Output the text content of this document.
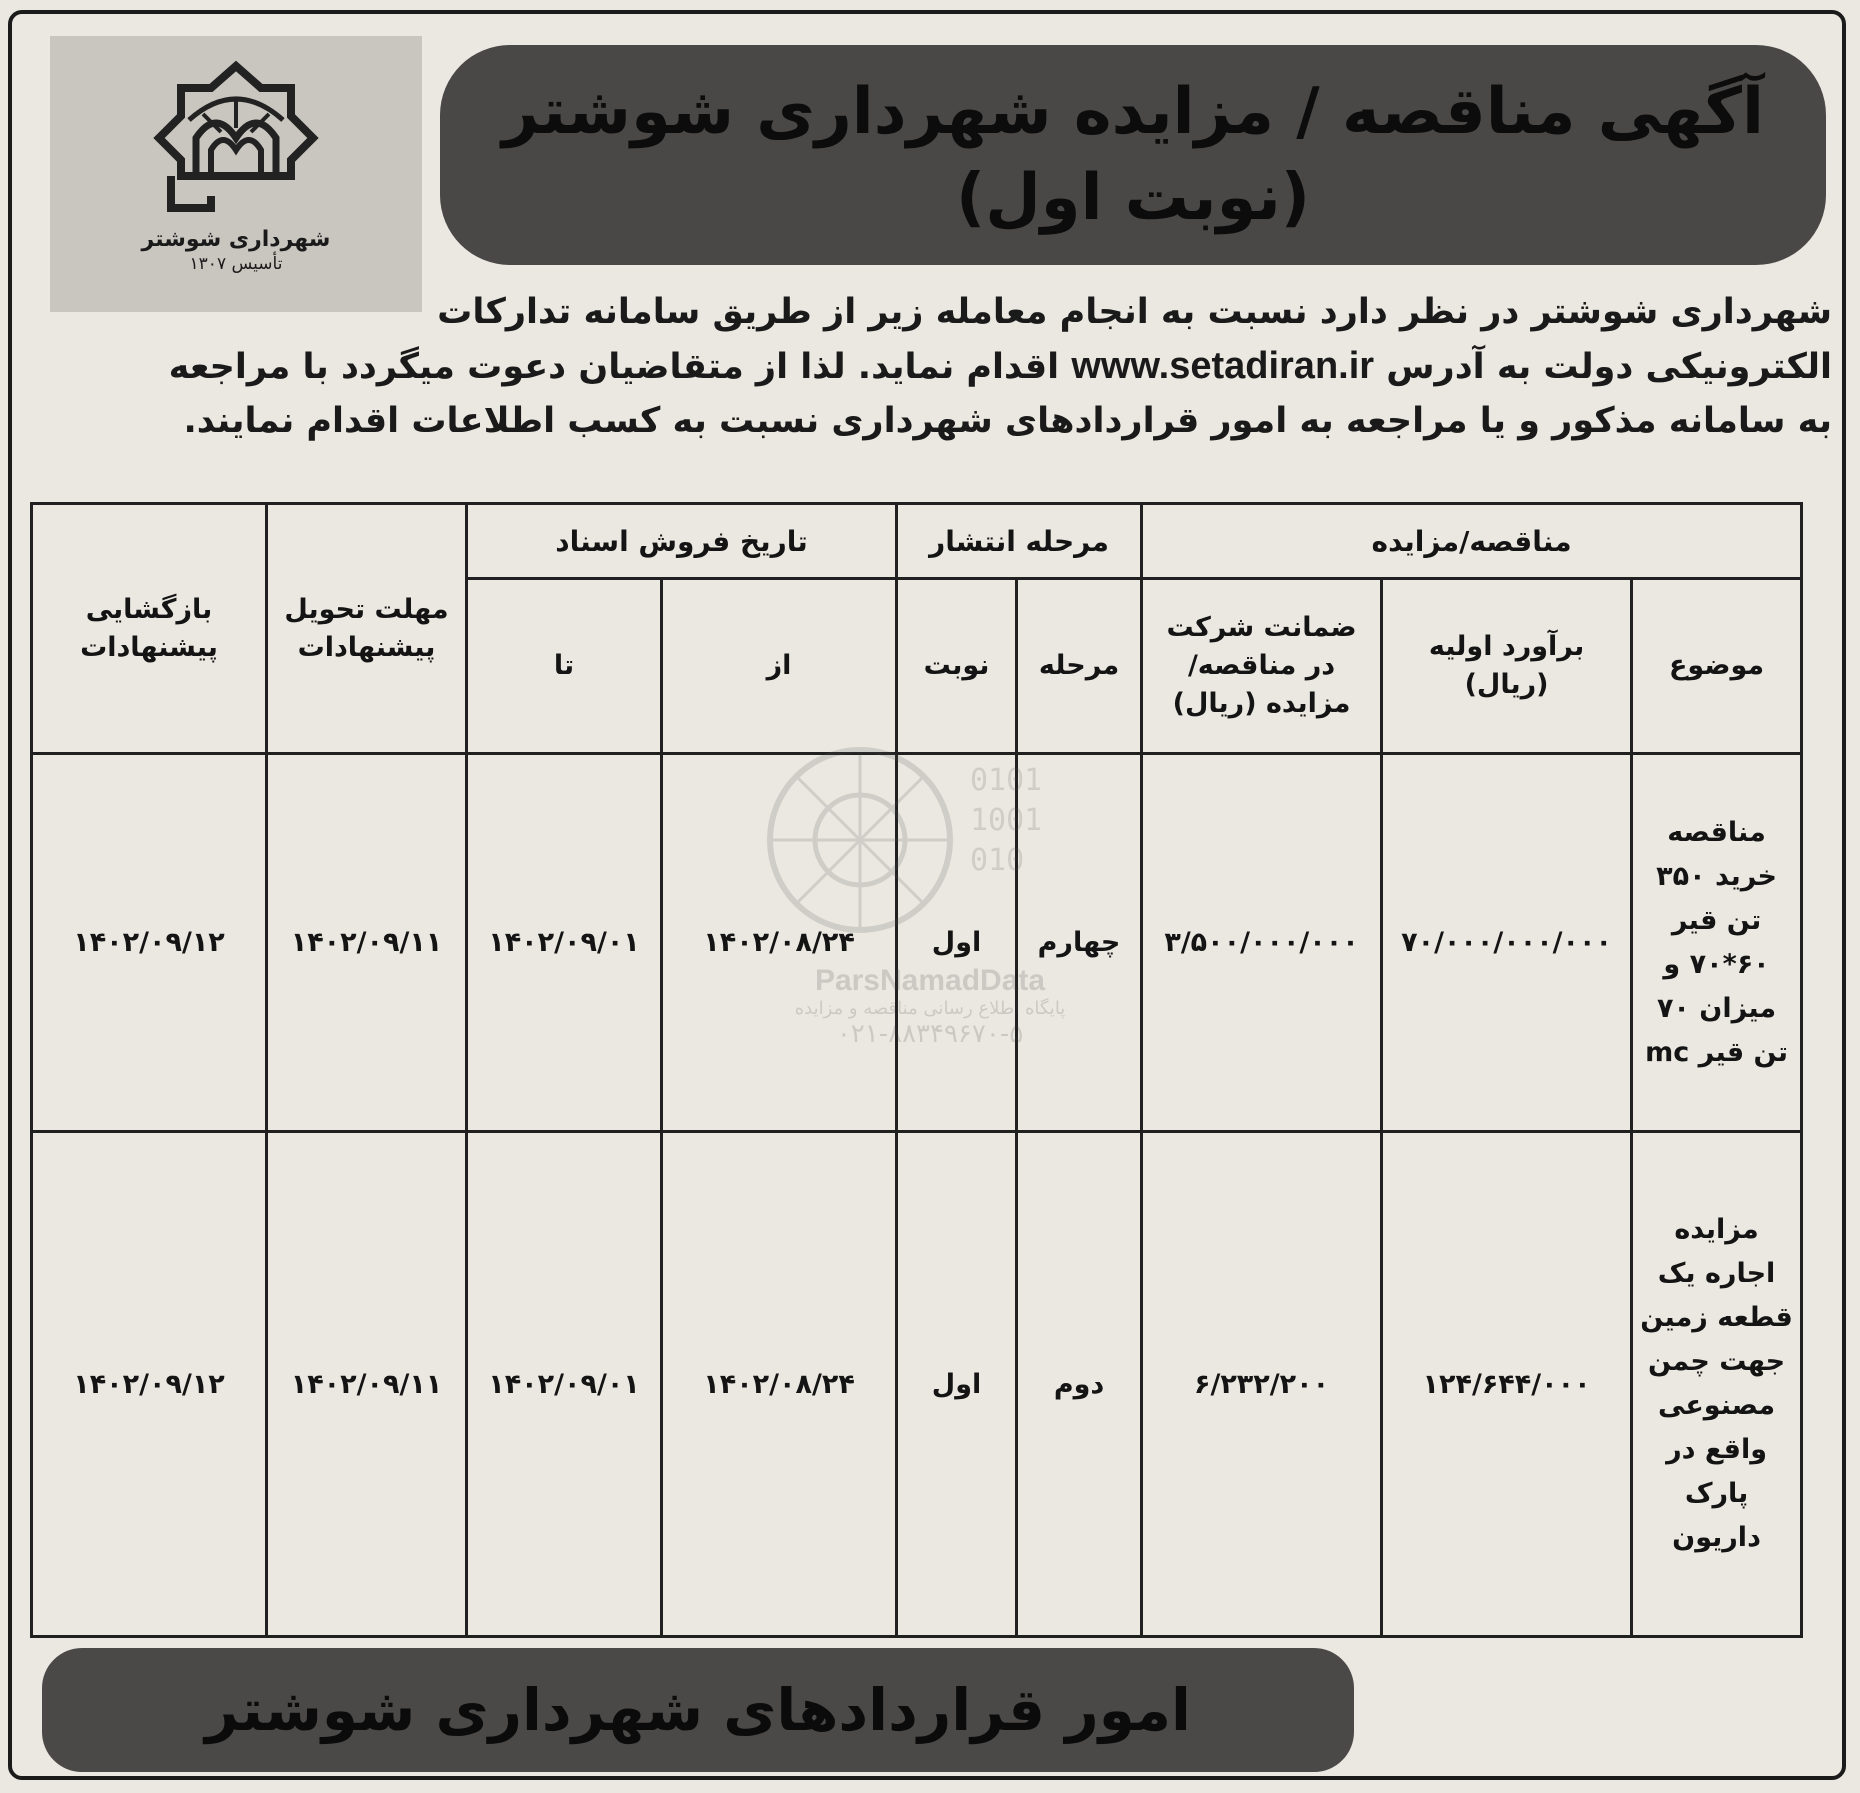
شهرداری شوشتر
تأسیس ۱۳۰۷
آگهی مناقصه / مزایده شهرداری شوشتر
(نوبت اول)

شهرداری شوشتر در نظر دارد نسبت به انجام معامله زیر از طریق سامانه تدارکات
الکترونیکی دولت به آدرس www.setadiran.ir اقدام نماید. لذا از متقاضیان دعوت میگردد با مراجعه
به سامانه مذکور و یا مراجعه به امور قراردادهای شهرداری نسبت به کسب اطلاعات اقدام نمایند.

مناقصه/مزایده			مرحله انتشار		تاریخ فروش اسناد		مهلت تحویل پیشنهادات	بازگشایی پیشنهادات
موضوع	برآورد اولیه (ریال)	ضمانت شرکت در مناقصه/ مزایده (ریال)	مرحله	نوبت	از	تا		
مناقصه خرید ۳۵۰ تن قیر ۶۰*۷۰ و میزان ۷۰ تن قیر mc	۷۰/۰۰۰/۰۰۰/۰۰۰	۳/۵۰۰/۰۰۰/۰۰۰	چهارم	اول	۱۴۰۲/۰۸/۲۴	۱۴۰۲/۰۹/۰۱	۱۴۰۲/۰۹/۱۱	۱۴۰۲/۰۹/۱۲
مزایده اجاره یک قطعه زمین جهت چمن مصنوعی واقع در پارک داریون	۱۲۴/۶۴۴/۰۰۰	۶/۲۳۲/۲۰۰	دوم	اول	۱۴۰۲/۰۸/۲۴	۱۴۰۲/۰۹/۰۱	۱۴۰۲/۰۹/۱۱	۱۴۰۲/۰۹/۱۲
0101
1001
010
ParsNamadData
پایگاه اطلاع رسانی مناقصه و مزایده
۰۲۱-۸۸۳۴۹۶۷۰-۵
امور قراردادهای شهرداری شوشتر
